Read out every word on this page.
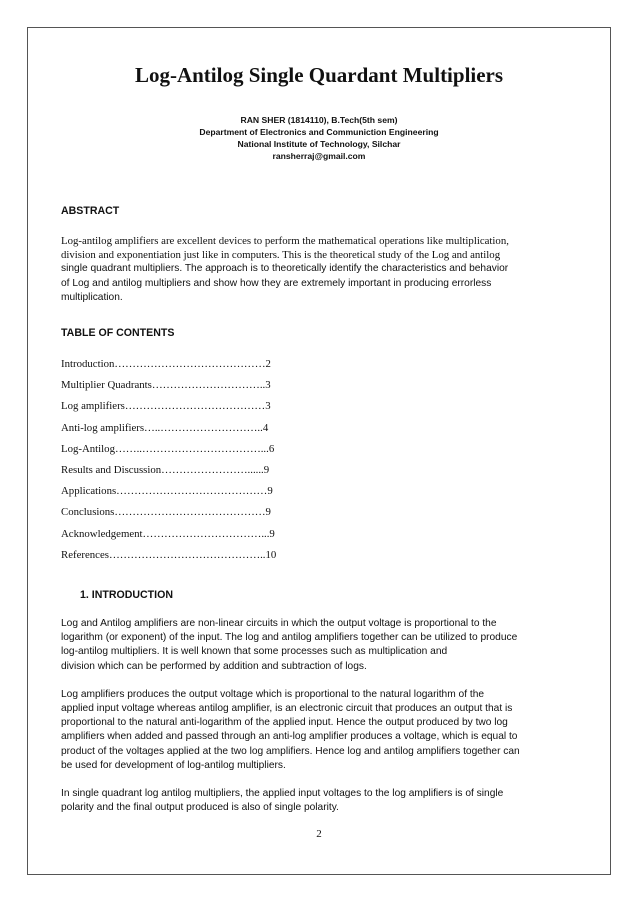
Log-Antilog Single Quardant Multipliers
RAN SHER (1814110), B.Tech(5th sem)
Department of Electronics and Communiction Engineering
National Institute of Technology, Silchar
ransherraj@gmail.com
ABSTRACT
Log-antilog amplifiers are excellent devices to perform the mathematical operations like multiplication,
division and exponentiation just like in computers. This is the theoretical study of the Log and antilog
single quadrant multipliers. The approach is to theoretically identify the characteristics and behavior
of Log and antilog multipliers and show how they are extremely important in producing errorless
multiplication.
TABLE OF CONTENTS
Introduction……………………………………2
Multiplier Quadrants…………………………..3
Log amplifiers…………………………………3
Anti-log amplifiers…..………………………..4
Log-Antilog……..……………………………...6
Results and Discussion……………………......9
Applications……………………………………9
Conclusions……………………………………9
Acknowledgement……………………………...9
References……………………………………..10
1. INTRODUCTION

Log and Antilog amplifiers are non-linear circuits in which the output voltage is proportional to the
logarithm (or exponent) of the input. The log and antilog amplifiers together can be utilized to produce
log-antilog multipliers. It is well known that some processes such as multiplication and
division which can be performed by addition and subtraction of logs.

Log amplifiers produces the output voltage which is proportional to the natural logarithm of the
applied input voltage whereas antilog amplifier, is an electronic circuit that produces an output that is
proportional to the natural anti-logarithm of the applied input. Hence the output produced by two log
amplifiers when added and passed through an anti-log amplifier produces a voltage, which is equal to
product of the voltages applied at the two log amplifiers. Hence log and antilog amplifiers together can
be used for development of log-antilog multipliers.

In single quadrant log antilog multipliers, the applied input voltages to the log amplifiers is of single
polarity and the final output produced is also of single polarity.

2
